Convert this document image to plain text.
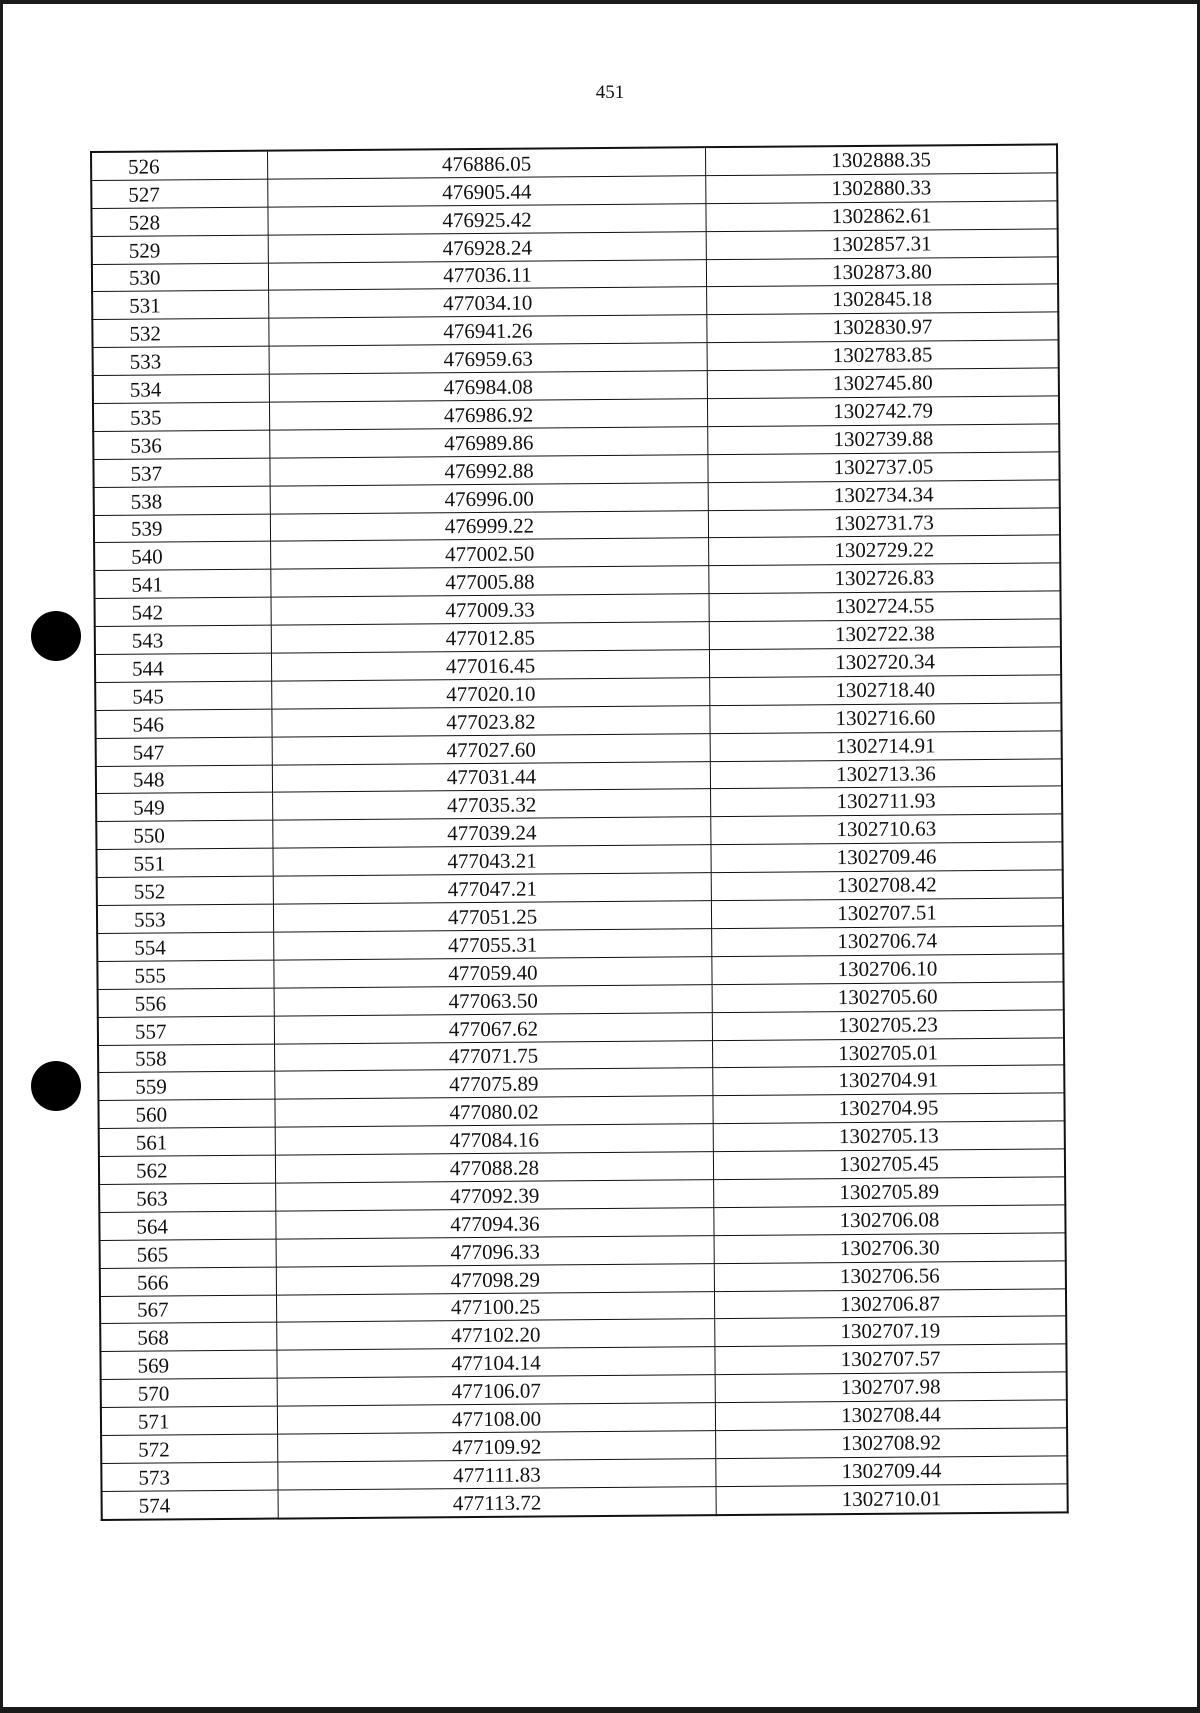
451
526	476886.05	1302888.35
527	476905.44	1302880.33
528	476925.42	1302862.61
529	476928.24	1302857.31
530	477036.11	1302873.80
531	477034.10	1302845.18
532	476941.26	1302830.97
533	476959.63	1302783.85
534	476984.08	1302745.80
535	476986.92	1302742.79
536	476989.86	1302739.88
537	476992.88	1302737.05
538	476996.00	1302734.34
539	476999.22	1302731.73
540	477002.50	1302729.22
541	477005.88	1302726.83
542	477009.33	1302724.55
543	477012.85	1302722.38
544	477016.45	1302720.34
545	477020.10	1302718.40
546	477023.82	1302716.60
547	477027.60	1302714.91
548	477031.44	1302713.36
549	477035.32	1302711.93
550	477039.24	1302710.63
551	477043.21	1302709.46
552	477047.21	1302708.42
553	477051.25	1302707.51
554	477055.31	1302706.74
555	477059.40	1302706.10
556	477063.50	1302705.60
557	477067.62	1302705.23
558	477071.75	1302705.01
559	477075.89	1302704.91
560	477080.02	1302704.95
561	477084.16	1302705.13
562	477088.28	1302705.45
563	477092.39	1302705.89
564	477094.36	1302706.08
565	477096.33	1302706.30
566	477098.29	1302706.56
567	477100.25	1302706.87
568	477102.20	1302707.19
569	477104.14	1302707.57
570	477106.07	1302707.98
571	477108.00	1302708.44
572	477109.92	1302708.92
573	477111.83	1302709.44
574	477113.72	1302710.01
